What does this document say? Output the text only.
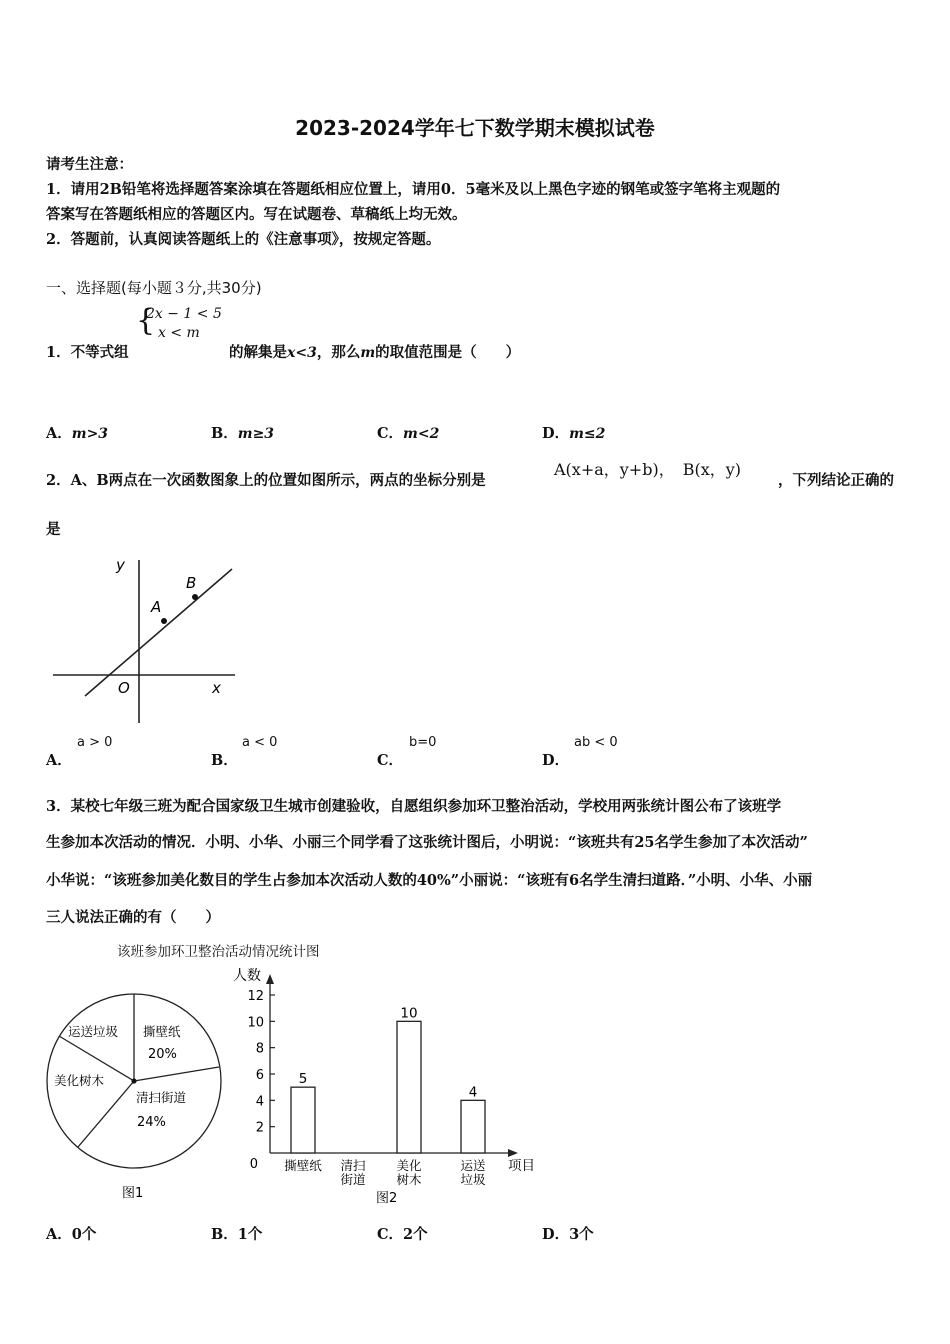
2023-2024学年七下数学期末模拟试卷
请考生注意：
1．请用2B铅笔将选择题答案涂填在答题纸相应位置上，请用0．5毫米及以上黑色字迹的钢笔或签字笔将主观题的
答案写在答题纸相应的答题区内。写在试题卷、草稿纸上均无效。
2．答题前，认真阅读答题纸上的《注意事项》，按规定答题。
一、选择题(每小题３分,共30分)
1．不等式组
{
2x − 1 < 5
x < m
的解集是x<3，那么m的取值范围是（　　）
A．m>3	B．m≥3	C．m<2	D．m≤2
2．A、B两点在一次函数图象上的位置如图所示，两点的坐标分别是
A(x+a，y+b)， B(x，y)
，下列结论正确的
是
y
x
O
A
B
A．
a > 0
B．
a < 0
C．
b=0
D．
ab < 0
3．某校七年级三班为配合国家级卫生城市创建验收，自愿组织参加环卫整治活动，学校用两张统计图公布了该班学
生参加本次活动的情况．小明、小华、小丽三个同学看了这张统计图后，小明说：“该班共有25名学生参加了本次活动”
小华说：“该班参加美化数目的学生占参加本次活动人数的40%”小丽说：“该班有6名学生清扫道路．”小明、小华、小丽
三人说法正确的有（　　）
该班参加环卫整治活动情况统计图
撕壁纸
20%
清扫街道
24%
美化树木
运送垃圾
图1
人数
项目
0
2
4
6
8
10
12
5
10
4
撕壁纸 清扫
街道
美化
树木
运送
垃圾
图2
A．0个	B．1个	C．2个	D．3个
